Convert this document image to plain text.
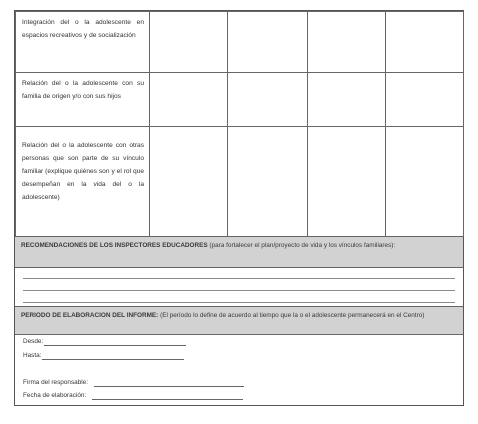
Integración del o la adolescente en espacios recreativos y de socialización				

Relación del o la adolescente con su familia de origen y/o con sus hijos				

Relación del o la adolescente con otras personas que son parte de su vínculo familiar (explique quiénes son y el rol que desempeñan en la vida del o la adolescente)				

RECOMENDACIONES DE LOS INSPECTORES EDUCADORES (para fortalecer el plan/proyecto de vida y los vínculos familiares):
PERIODO DE ELABORACION DEL INFORME: (El período lo define de acuerdo al tiempo que la o el adolescente permanecerá en el Centro)
Desde:
Hasta:
Firma del responsable:
Fecha de elaboración:
